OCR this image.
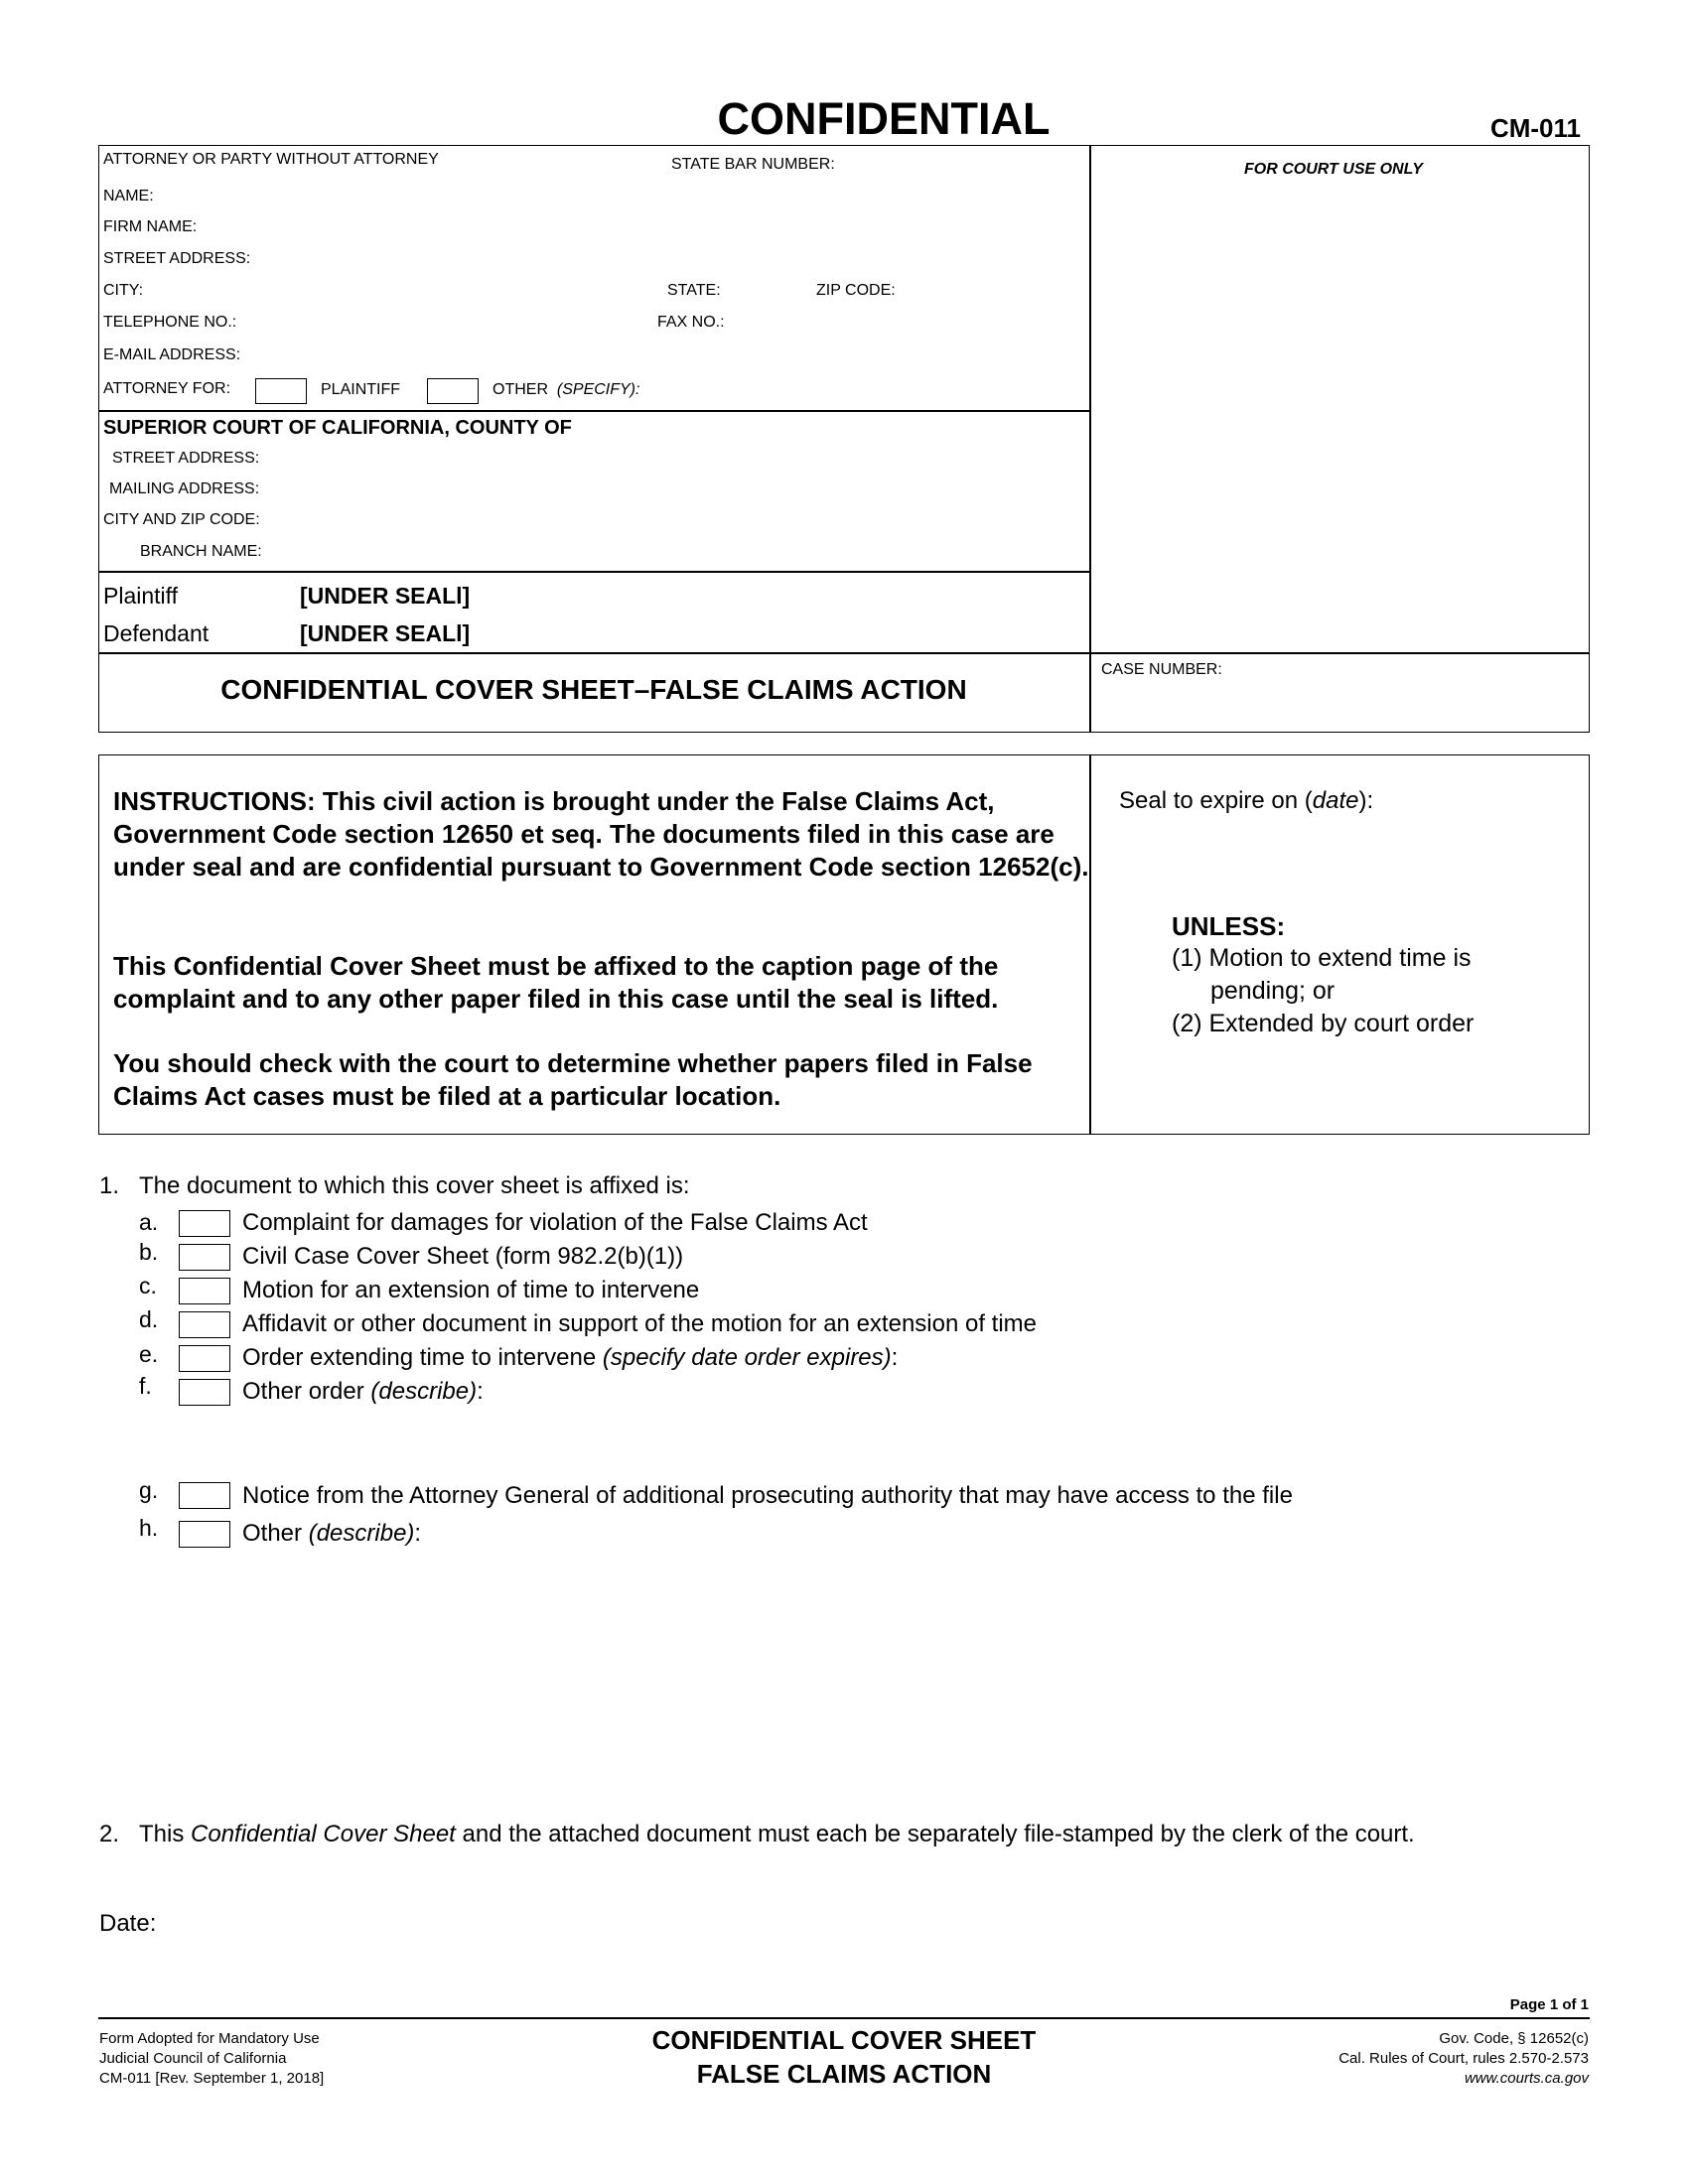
CONFIDENTIAL	CM-011
ATTORNEY OR PARTY WITHOUT ATTORNEY	STATE BAR NUMBER:
NAME:
FIRM NAME:
STREET ADDRESS:
CITY:	STATE:	ZIP CODE:
TELEPHONE NO.:	FAX NO.:
E-MAIL ADDRESS:
ATTORNEY FOR:	PLAINTIFF	OTHER (SPECIFY):
FOR COURT USE ONLY
SUPERIOR COURT OF CALIFORNIA, COUNTY OF
STREET ADDRESS:
MAILING ADDRESS:
CITY AND ZIP CODE:
BRANCH NAME:
Plaintiff	[UNDER SEALl]
Defendant	[UNDER SEALl]
CONFIDENTIAL COVER SHEET–FALSE CLAIMS ACTION
CASE NUMBER:
INSTRUCTIONS: This civil action is brought under the False Claims Act, Government Code section 12650 et seq. The documents filed in this case are under seal and are confidential pursuant to Government Code section 12652(c).
This Confidential Cover Sheet must be affixed to the caption page of the complaint and to any other paper filed in this case until the seal is lifted.
You should check with the court to determine whether papers filed in False Claims Act cases must be filed at a particular location.
Seal to expire on (date):
UNLESS:
(1) Motion to extend time is
pending; or
(2) Extended by court order
1. The document to which this cover sheet is affixed is:
a.	Complaint for damages for violation of the False Claims Act
b.	Civil Case Cover Sheet (form 982.2(b)(1))
c.	Motion for an extension of time to intervene
d.	Affidavit or other document in support of the motion for an extension of time
e.	Order extending time to intervene (specify date order expires):
f.	Other order (describe):
g.	Notice from the Attorney General of additional prosecuting authority that may have access to the file
h.	Other (describe):
2. This Confidential Cover Sheet and the attached document must each be separately file-stamped by the clerk of the court.
Date:
Page 1 of 1
Form Adopted for Mandatory Use
Judicial Council of California
CM-011 [Rev. September 1, 2018]
CONFIDENTIAL COVER SHEET
FALSE CLAIMS ACTION
Gov. Code, § 12652(c)
Cal. Rules of Court, rules 2.570-2.573
www.courts.ca.gov
